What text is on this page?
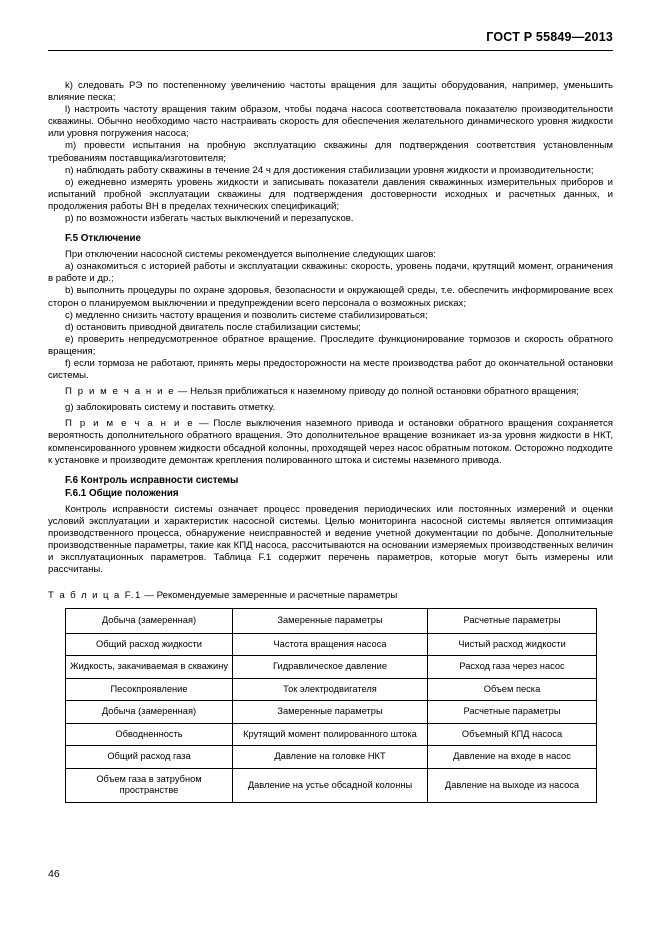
ГОСТ Р 55849—2013

k) следовать РЭ по постепенному увеличению частоты вращения для защиты оборудования, например, уменьшить влияние песка;

l) настроить частоту вращения таким образом, чтобы подача насоса соответствовала показателю производительности скважины. Обычно необходимо часто настраивать скорость для обеспечения желательного динамического уровня жидкости или уровня погружения насоса;

m) провести испытания на пробную эксплуатацию скважины для подтверждения соответствия установленным требованиям поставщика/изготовителя;

n) наблюдать работу скважины в течение 24 ч для достижения стабилизации уровня жидкости и производительности;

о) ежедневно измерять уровень жидкости и записывать показатели давления скважинных измерительных приборов и испытаний пробной эксплуатации скважины для подтверждения достоверности исходных и расчетных данных, и продолжения работы ВН в пределах технических спецификаций;

p) по возможности избегать частых выключений и перезапусков.

F.5 Отключение

При отключении насосной системы рекомендуется выполнение следующих шагов:

a) ознакомиться с историей работы и эксплуатации скважины: скорость, уровень подачи, крутящий момент, ограничения в работе и др.;

b) выполнить процедуры по охране здоровья, безопасности и окружающей среды, т.е. обеспечить информирование всех сторон о планируемом выключении и предупреждении всего персонала о возможных рисках;

c) медленно снизить частоту вращения и позволить системе стабилизироваться;

d) остановить приводной двигатель после стабилизации системы;

e) проверить непредусмотренное обратное вращение. Проследите функционирование тормозов и скорость обратного вращения;

f) если тормоза не работают, принять меры предосторожности на месте производства работ до окончательной остановки системы.

П р и м е ч а н и е — Нельзя приближаться к наземному приводу до полной остановки обратного вращения;

g) заблокировать систему и поставить отметку.

П р и м е ч а н и е — После выключения наземного привода и остановки обратного вращения сохраняется вероятность дополнительного обратного вращения. Это дополнительное вращение возникает из-за уровня жидкости в НКТ, компенсированного уровнем жидкости обсадной колонны, проходящей через насос обратным потоком. Осторожно подходите к установке и производите демонтаж крепления полированного штока и системы наземного привода.

F.6 Контроль исправности системы
F.6.1 Общие положения

Контроль исправности системы означает процесс проведения периодических или постоянных измерений и оценки условий эксплуатации и характеристик насосной системы. Целью мониторинга насосной системы является оптимизация производственного процесса, обнаружение неисправностей и ведение учетной документации по добыче. Дополнительные производственные параметры, такие как КПД насоса, рассчитываются на основании измеряемых производственных величин и эксплуатационных параметров. Таблица F.1 содержит перечень параметров, которые могут быть измерены или рассчитаны.

Т а б л и ц а F.1 — Рекомендуемые замеренные и расчетные параметры
Добыча (замеренная)	Замеренные параметры	Расчетные параметры
Общий расход жидкости	Частота вращения насоса	Чистый расход жидкости
Жидкость, закачиваемая в скважину	Гидравлическое давление	Расход газа через насос
Песокпроявление	Ток электродвигателя	Объем песка
Добыча (замеренная)	Замеренные параметры	Расчетные параметры
Обводненность	Крутящий момент полированного штока	Объемный КПД насоса
Общий расход газа	Давление на головке НКТ	Давление на входе в насос
Объем газа в затрубном пространстве	Давление на устье обсадной колонны	Давление на выходе из насоса
46
